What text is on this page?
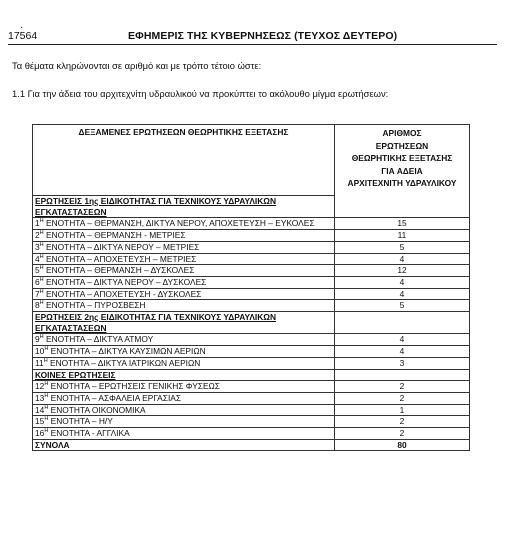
·
17564	ΕΦΗΜΕΡΙΣ ΤΗΣ ΚΥΒΕΡΝΗΣΕΩΣ (ΤΕΥΧΟΣ ΔΕΥΤΕΡΟ)
Τα θέματα κληρώνονται σε αριθμό και με τρόπο τέτοιο ώστε:
1.1 Για την άδεια του αρχιτεχνίτη υδραυλικού να προκύπτει το ακόλουθο μίγμα ερωτήσεων:
ΔΕΞΑΜΕΝΕΣ ΕΡΩΤΗΣΕΩΝ ΘΕΩΡΗΤΙΚΗΣ ΕΞΕΤΑΣΗΣ	ΑΡΙΘΜΟΣ
ΕΡΩΤΗΣΕΩΝ
ΘΕΩΡΗΤΙΚΗΣ ΕΞΕΤΑΣΗΣ
ΓΙΑ ΑΔΕΙΑ
ΑΡΧΙΤΕΧΝΙΤΗ ΥΔΡΑΥΛΙΚΟΥ

ΕΡΩΤΗΣΕΙΣ 1ης ΕΙΔΙΚΟΤΗΤΑΣ ΓΙΑ ΤΕΧΝΙΚΟΥΣ ΥΔΡΑΥΛΙΚΩΝ ΕΓΚΑΤΑΣΤΑΣΕΩΝ	
$1^H$ ΕΝΟΤΗΤΑ – ΘΕΡΜΑΝΣΗ, ΔΙΚΤΥΑ ΝΕΡΟΥ, ΑΠΟΧΕΤΕΥΣΗ – ΕΥΚΟΛΕΣ	15
$2^H$ ΕΝΟΤΗΤΑ – ΘΕΡΜΑΝΣΗ - ΜΕΤΡΙΕΣ	11
$3^H$ ΕΝΟΤΗΤΑ – ΔΙΚΤΥΑ ΝΕΡΟΥ – ΜΕΤΡΙΕΣ	5
$4^H$ ΕΝΟΤΗΤΑ – ΑΠΟΧΕΤΕΥΣΗ – ΜΕΤΡΙΕΣ	4
$5^H$ ΕΝΟΤΗΤΑ – ΘΕΡΜΑΝΣΗ – ΔΥΣΚΟΛΕΣ	12
$6^H$ ΕΝΟΤΗΤΑ – ΔΙΚΤΥΑ ΝΕΡΟΥ – ΔΥΣΚΟΛΕΣ	4
$7^H$ ΕΝΟΤΗΤΑ – ΑΠΟΧΕΤΕΥΣΗ - ΔΥΣΚΟΛΕΣ	4
$8^H$ ΕΝΟΤΗΤΑ – ΠΥΡΟΣΒΕΣΗ	5
ΕΡΩΤΗΣΕΙΣ 2ης ΕΙΔΙΚΟΤΗΤΑΣ ΓΙΑ ΤΕΧΝΙΚΟΥΣ ΥΔΡΑΥΛΙΚΩΝ ΕΓΚΑΤΑΣΤΑΣΕΩΝ	
$9^H$ ΕΝΟΤΗΤΑ – ΔΙΚΤΥΑ ΑΤΜΟΥ	4
$10^H$ ΕΝΟΤΗΤΑ – ΔΙΚΤΥΑ ΚΑΥΣΙΜΩΝ ΑΕΡΙΩΝ	4
$11^H$ ΕΝΟΤΗΤΑ – ΔΙΚΤΥΑ ΙΑΤΡΙΚΩΝ ΑΕΡΙΩΝ	3
ΚΟΙΝΕΣ ΕΡΩΤΗΣΕΙΣ	
$12^H$ ΕΝΟΤΗΤΑ – ΕΡΩΤΗΣΕΙΣ ΓΕΝΙΚΗΣ ΦΥΣΕΩΣ	2
$13^H$ ΕΝΟΤΗΤΑ – ΑΣΦΑΛΕΙΑ ΕΡΓΑΣΙΑΣ	2
$14^H$ ΕΝΟΤΗΤΑ ΟΙΚΟΝΟΜΙΚΑ	1
$15^H$ ΕΝΟΤΗΤΑ – Η/Υ	2
$16^H$ ΕΝΟΤΗΤΑ - ΑΓΓΛΙΚΑ	2
ΣΥΝΟΛΑ	80
